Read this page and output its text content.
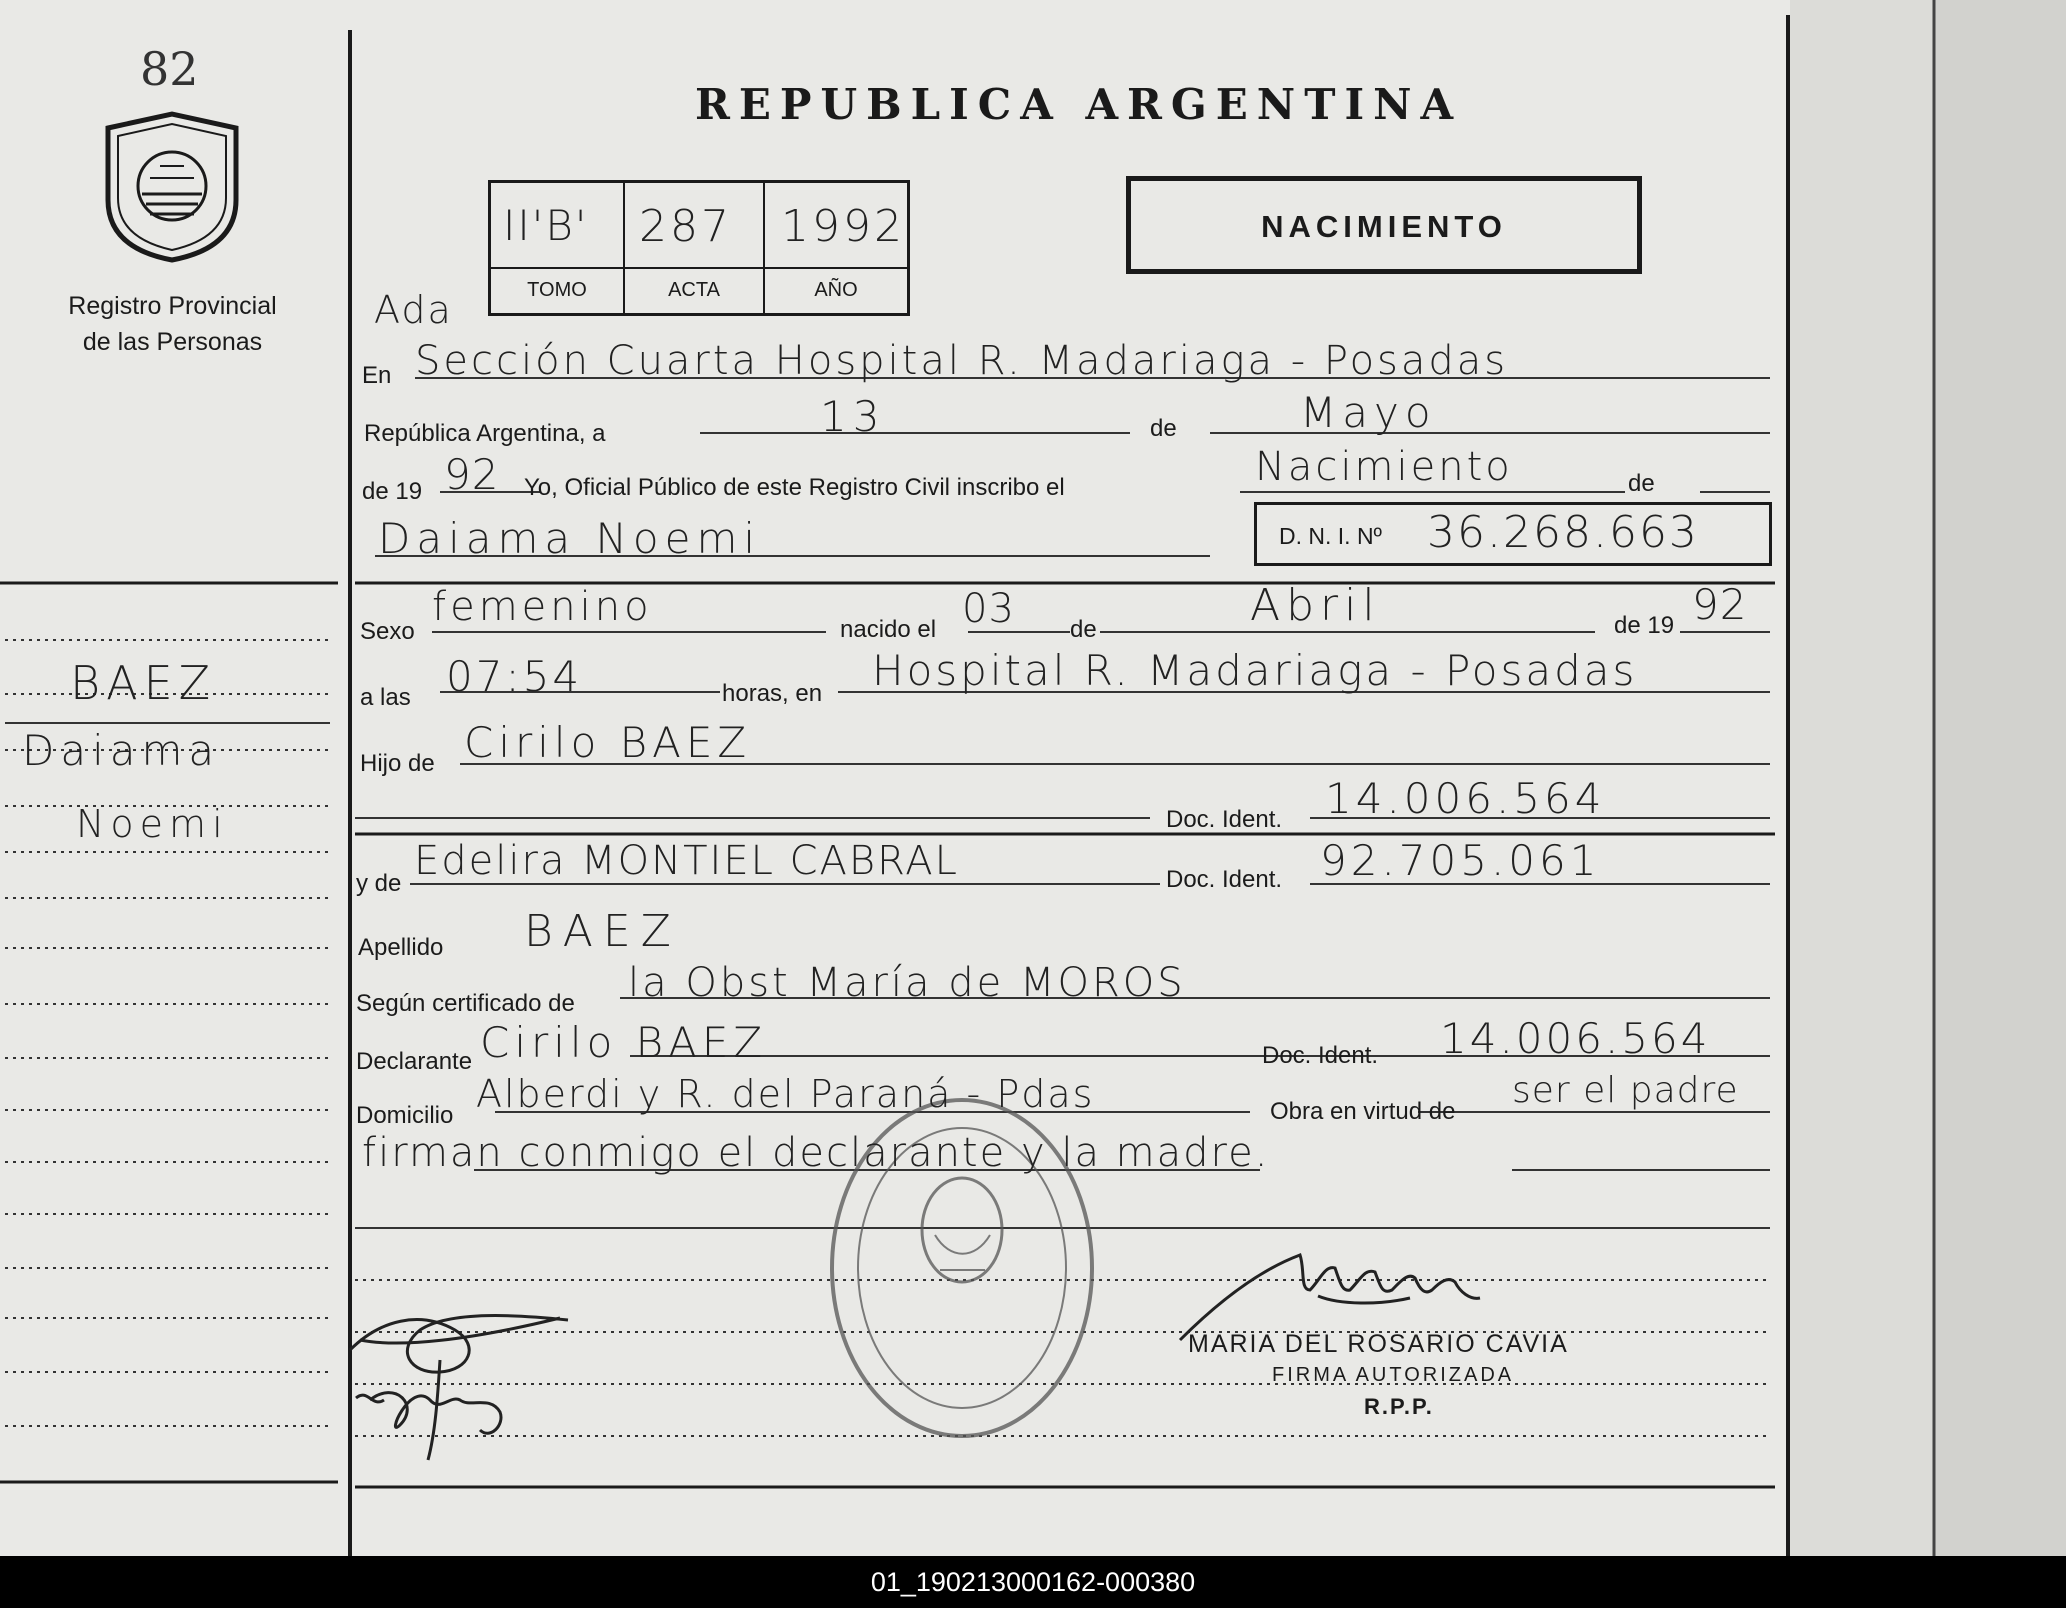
82
Registro Provincial
de las Personas
REPUBLICA ARGENTINA
II'B' 287 1992
TOMO	ACTA	AÑO
NACIMIENTO
BAEZ
Daiama
Noemi
Ada
En Sección Cuarta Hospital R. Madariaga - Posadas
República Argentina, a	13	de	Mayo
de 19 92 Yo, Oficial Público de este Registro Civil inscribo el	Nacimiento	de
Daiama Noemi	D. N. I. Nº 36.268.663
Sexo
femenino	nacido el 03 de	Abril	de 19 92
a las 07:54	horas, en Hospital R. Madariaga - Posadas
Hijo de Cirilo BAEZ
Doc. Ident. 14.006.564
y de Edelira MONTIEL CABRAL	Doc. Ident. 92.705.061
Apellido BAEZ
Según certificado de la Obst María de MOROS
Declarante Cirilo BAEZ	Doc. Ident. 14.006.564
Domicilio Alberdi y R. del Paraná - Pdas	Obra en virtud de
ser el padre
firman conmigo el declarante y la madre.
MARIA DEL ROSARIO CAVIA
FIRMA AUTORIZADA
R.P.P.
01_190213000162-000380
